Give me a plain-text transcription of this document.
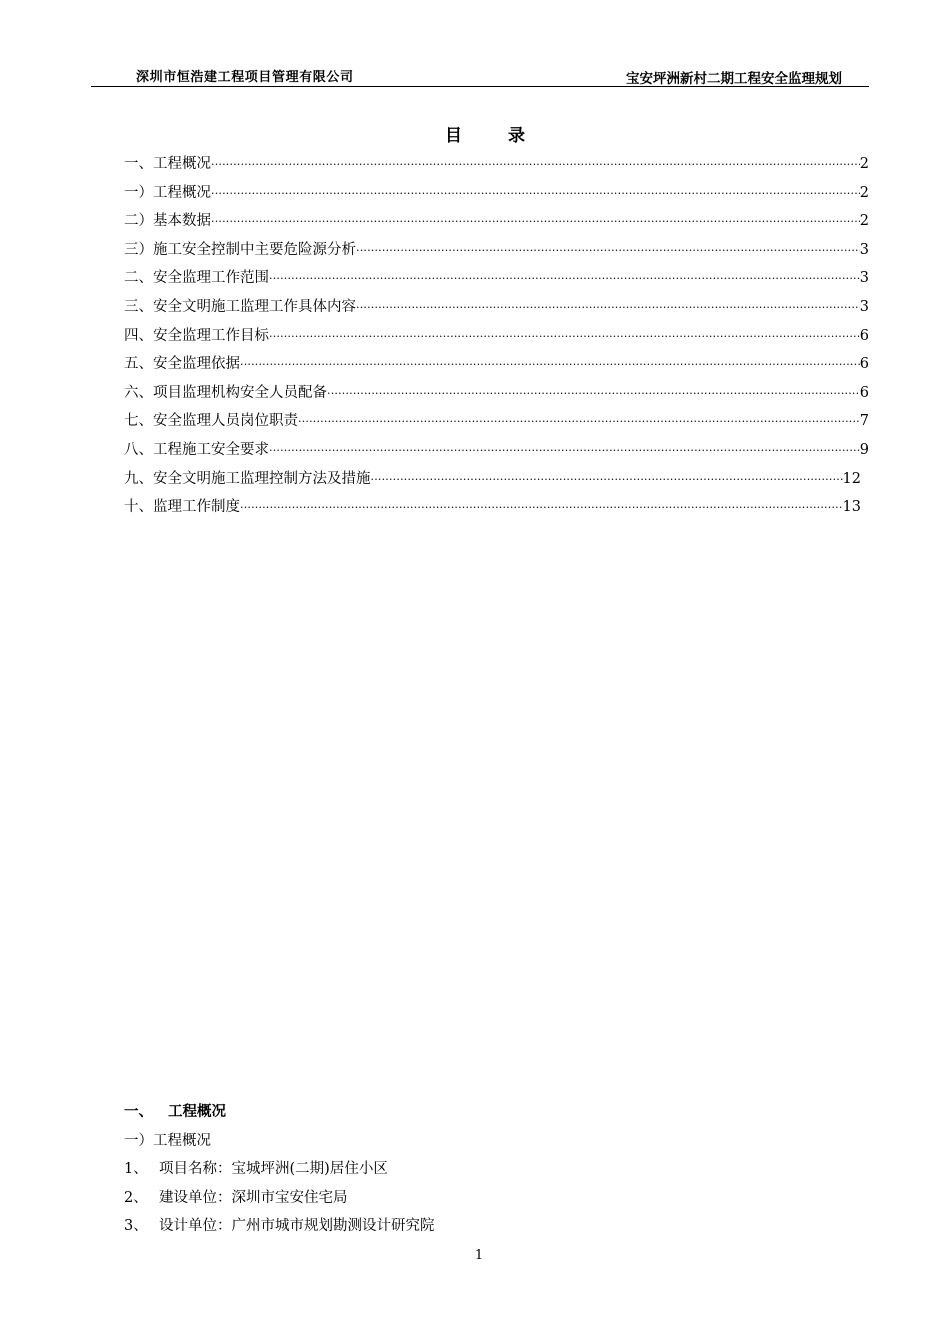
深圳市恒浩建工程项目管理有限公司	宝安坪洲新村二期工程安全监理规划
目 录
一、工程概况 ·····	2
一）工程概况 ·····	2
二）基本数据 ·····	2
三）施工安全控制中主要危险源分析 ·····	3
二、安全监理工作范围 ·····	3
三、安全文明施工监理工作具体内容 ·····	3
四、安全监理工作目标 ·····	6
五、安全监理依据 ·····	6
六、项目监理机构安全人员配备 ·····	6
七、安全监理人员岗位职责 ·····	7
八、工程施工安全要求 ·····	9
九、安全文明施工监理控制方法及措施 ·····	12
十、监理工作制度 ·····	13
一、 工程概况
一）工程概况
1、 项目名称：宝城坪洲(二期)居住小区
2、 建设单位：深圳市宝安住宅局
3、 设计单位：广州市城市规划勘测设计研究院
1
